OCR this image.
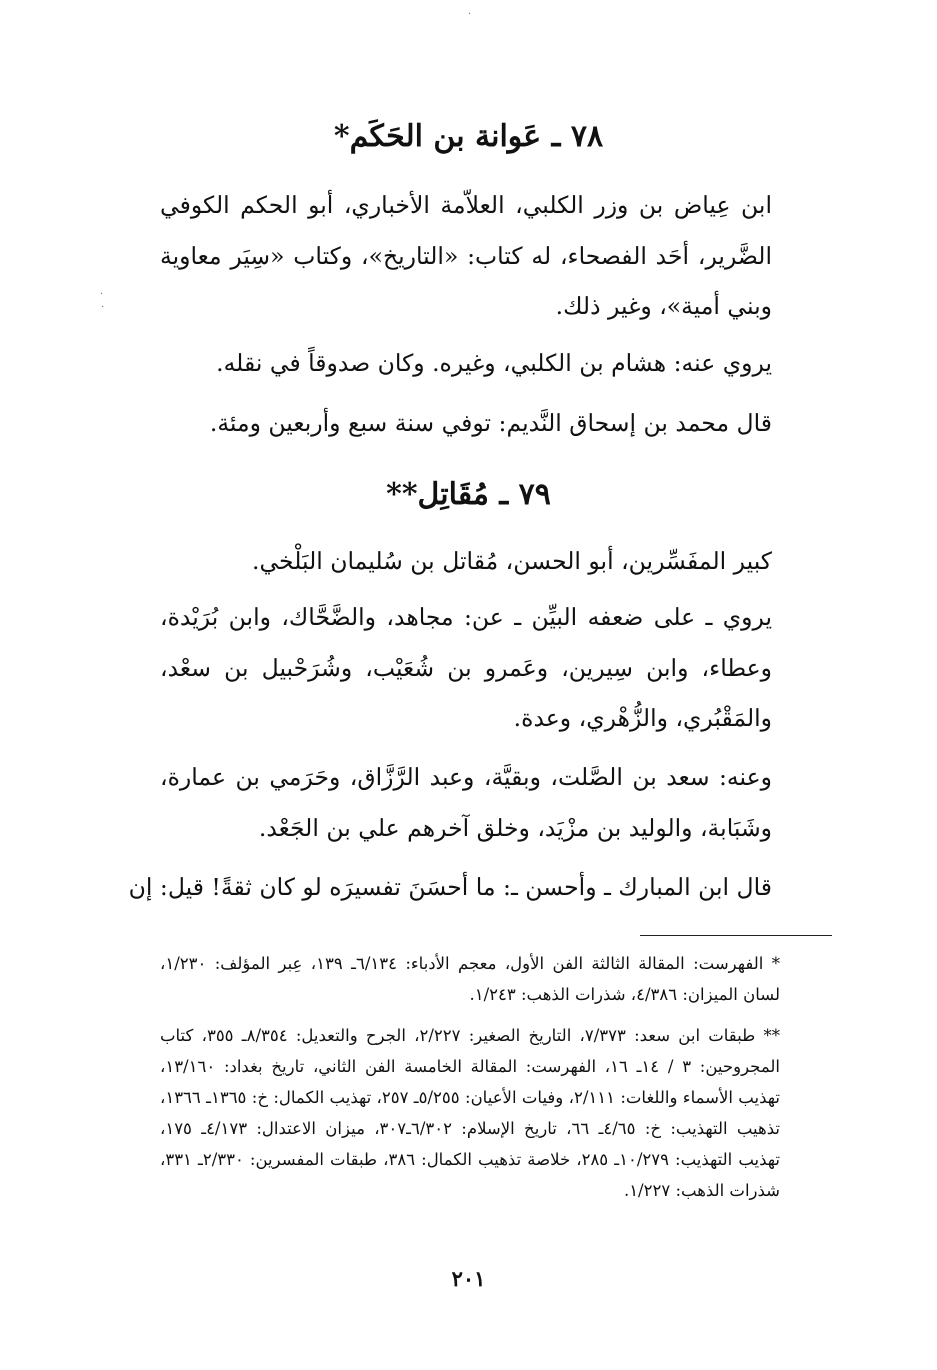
٧٨ ـ عَوانة بن الحَكَم*

ابن عِياض بن وزر الكلبي، العلاّمة الأخباري، أبو الحكم الكوفي الضَّرير، أحَد الفصحاء، له كتاب: «التاريخ»، وكتاب «سِيَر معاوية وبني أمية»، وغير ذلك.

يروي عنه: هشام بن الكلبي، وغيره. وكان صدوقاً في نقله.

قال محمد بن إسحاق النَّديم: توفي سنة سبع وأربعين ومئة.

٧٩ ـ مُقَاتِل**

كبير المفَسِّرين، أبو الحسن، مُقاتل بن سُليمان البَلْخي.

يروي ـ على ضعفه البيِّن ـ عن: مجاهد، والضَّحَّاك، وابن بُرَيْدة، وعطاء، وابن سِيرين، وعَمرو بن شُعَيْب، وشُرَحْبيل بن سعْد، والمَقْبُري، والزُّهْري، وعدة.

وعنه: سعد بن الصَّلت، وبقيَّة، وعبد الرَّزَّاق، وحَرَمي بن عمارة، وشَبَابة، والوليد بن مزْيَد، وخلق آخرهم علي بن الجَعْد.

قال ابن المبارك ـ وأحسن ـ: ما أحسَنَ تفسيرَه لو كان ثقةً! قيل: إن

* الفهرست: المقالة الثالثة الفن الأول، معجم الأدباء: ٦/١٣٤ـ ١٣٩، عِبر المؤلف: ١/٢٣٠، لسان الميزان: ٤/٣٨٦، شذرات الذهب: ١/٢٤٣.

** طبقات ابن سعد: ٧/٣٧٣، التاريخ الصغير: ٢/٢٢٧، الجرح والتعديل: ٨/٣٥٤ـ ٣٥٥، كتاب المجروحين: ٣ / ١٤ـ ١٦، الفهرست: المقالة الخامسة الفن الثاني، تاريخ بغداد: ١٣/١٦٠، تهذيب الأسماء واللغات: ٢/١١١، وفيات الأعيان: ٥/٢٥٥ـ ٢٥٧، تهذيب الكمال: خ: ١٣٦٥ـ ١٣٦٦، تذهيب التهذيب: خ: ٤/٦٥ـ ٦٦، تاريخ الإسلام: ٦/٣٠٢ـ٣٠٧، ميزان الاعتدال: ٤/١٧٣ـ ١٧٥، تهذيب التهذيب: ١٠/٢٧٩ـ ٢٨٥، خلاصة تذهيب الكمال: ٣٨٦، طبقات المفسرين: ٢/٣٣٠ـ ٣٣١، شذرات الذهب: ١/٢٢٧.

٢٠١

·
·
·
